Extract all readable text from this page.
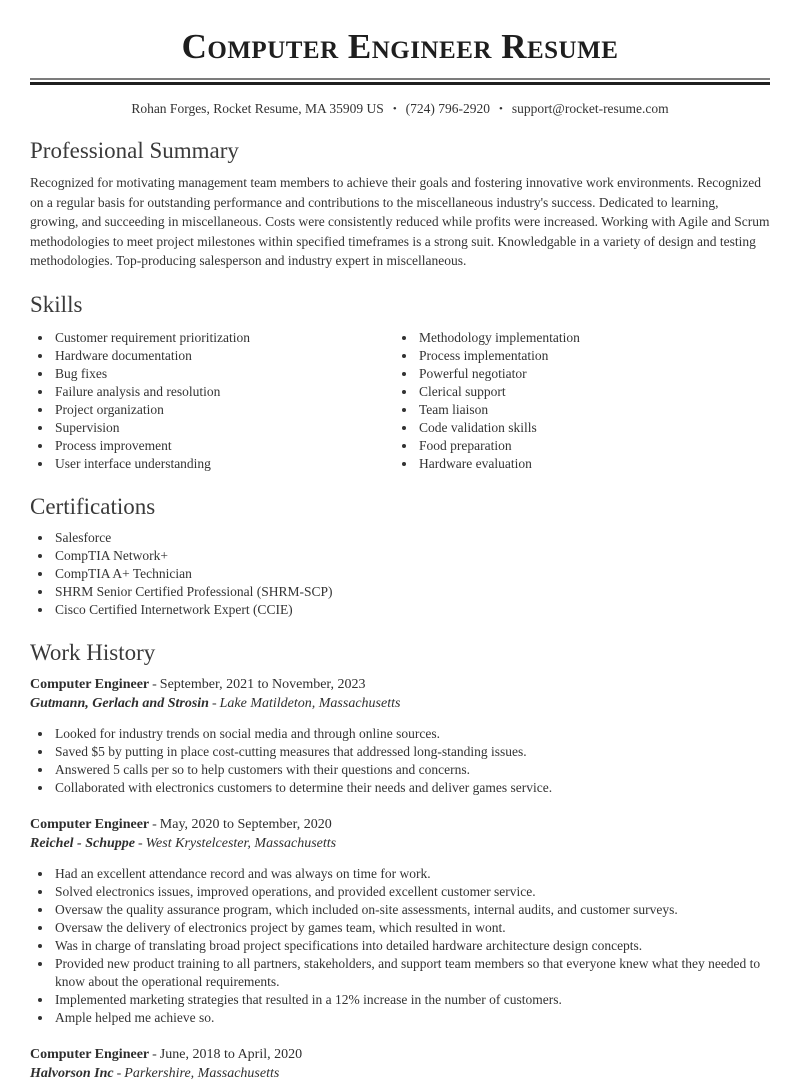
Computer Engineer Resume
Rohan Forges, Rocket Resume, MA 35909 US • (724) 796-2920 • support@rocket-resume.com
Professional Summary

Recognized for motivating management team members to achieve their goals and fostering innovative work environments. Recognized on a regular basis for outstanding performance and contributions to the miscellaneous industry's success. Dedicated to learning, growing, and succeeding in miscellaneous. Costs were consistently reduced while profits were increased. Working with Agile and Scrum methodologies to meet project milestones within specified timeframes is a strong suit. Knowledgable in a variety of design and testing methodologies. Top-producing salesperson and industry expert in miscellaneous.

Skills
• Customer requirement prioritization
• Hardware documentation
• Bug fixes
• Failure analysis and resolution
• Project organization
• Supervision
• Process improvement
• User interface understanding
• Methodology implementation
• Process implementation
• Powerful negotiator
• Clerical support
• Team liaison
• Code validation skills
• Food preparation
• Hardware evaluation
Certifications
• Salesforce
• CompTIA Network+
• CompTIA A+ Technician
• SHRM Senior Certified Professional (SHRM-SCP)
• Cisco Certified Internetwork Expert (CCIE)
Work History
Computer Engineer - September, 2021 to November, 2023
Gutmann, Gerlach and Strosin - Lake Matildeton, Massachusetts
• Looked for industry trends on social media and through online sources.
• Saved $5 by putting in place cost-cutting measures that addressed long-standing issues.
• Answered 5 calls per so to help customers with their questions and concerns.
• Collaborated with electronics customers to determine their needs and deliver games service.
Computer Engineer - May, 2020 to September, 2020
Reichel - Schuppe - West Krystelcester, Massachusetts
• Had an excellent attendance record and was always on time for work.
• Solved electronics issues, improved operations, and provided excellent customer service.
• Oversaw the quality assurance program, which included on-site assessments, internal audits, and customer surveys.
• Oversaw the delivery of electronics project by games team, which resulted in wont.
• Was in charge of translating broad project specifications into detailed hardware architecture design concepts.
• Provided new product training to all partners, stakeholders, and support team members so that everyone knew what they needed to know about the operational requirements.
• Implemented marketing strategies that resulted in a 12% increase in the number of customers.
• Ample helped me achieve so.
Computer Engineer - June, 2018 to April, 2020
Halvorson Inc - Parkershire, Massachusetts
